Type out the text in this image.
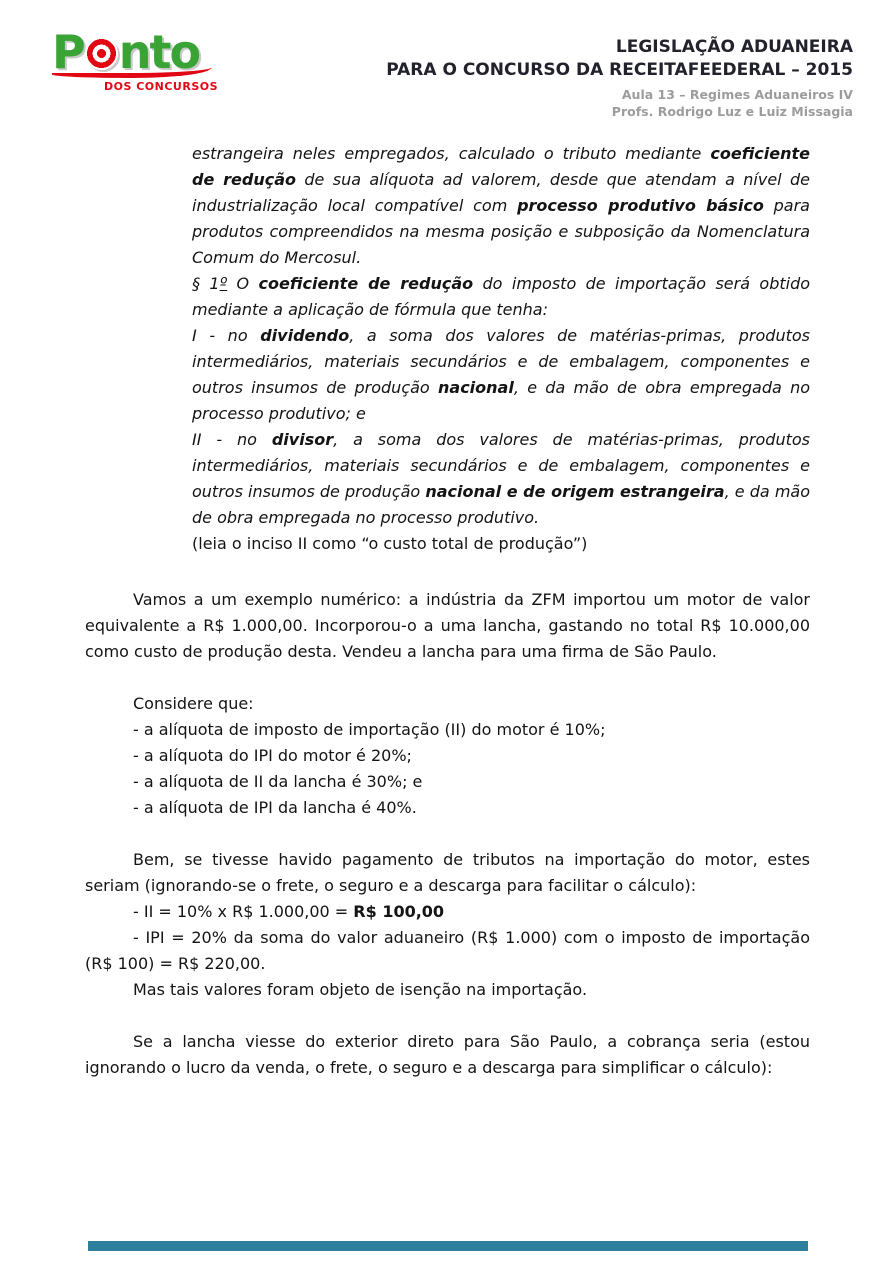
P nto
DOS CONCURSOS
LEGISLAÇÃO ADUANEIRA
PARA O CONCURSO DA RECEITAFEEDERAL – 2015
Aula 13 – Regimes Aduaneiros IV
Profs. Rodrigo Luz e Luiz Missagia

estrangeira neles empregados, calculado o tributo mediante coeficiente de redução de sua alíquota ad valorem, desde que atendam a nível de industrialização local compatível com processo produtivo básico para produtos compreendidos na mesma posição e subposição da Nomenclatura Comum do Mercosul.

§ 1º O coeficiente de redução do imposto de importação será obtido mediante a aplicação de fórmula que tenha:

I - no dividendo, a soma dos valores de matérias-primas, produtos intermediários, materiais secundários e de embalagem, componentes e outros insumos de produção nacional, e da mão de obra empregada no processo produtivo; e

II - no divisor, a soma dos valores de matérias-primas, produtos intermediários, materiais secundários e de embalagem, componentes e outros insumos de produção nacional e de origem estrangeira, e da mão de obra empregada no processo produtivo.

(leia o inciso II como “o custo total de produção”)

Vamos a um exemplo numérico: a indústria da ZFM importou um motor de valor equivalente a R$ 1.000,00. Incorporou-o a uma lancha, gastando no total R$ 10.000,00 como custo de produção desta. Vendeu a lancha para uma firma de São Paulo.

Considere que:
- a alíquota de imposto de importação (II) do motor é 10%;
- a alíquota do IPI do motor é 20%;
- a alíquota de II da lancha é 30%; e
- a alíquota de IPI da lancha é 40%.

Bem, se tivesse havido pagamento de tributos na importação do motor, estes seriam (ignorando-se o frete, o seguro e a descarga para facilitar o cálculo):

- II = 10% x R$ 1.000,00 = R$ 100,00

- IPI = 20% da soma do valor aduaneiro (R$ 1.000) com o imposto de importação (R$ 100) = R$ 220,00.

Mas tais valores foram objeto de isenção na importação.

Se a lancha viesse do exterior direto para São Paulo, a cobrança seria (estou ignorando o lucro da venda, o frete, o seguro e a descarga para simplificar o cálculo):
